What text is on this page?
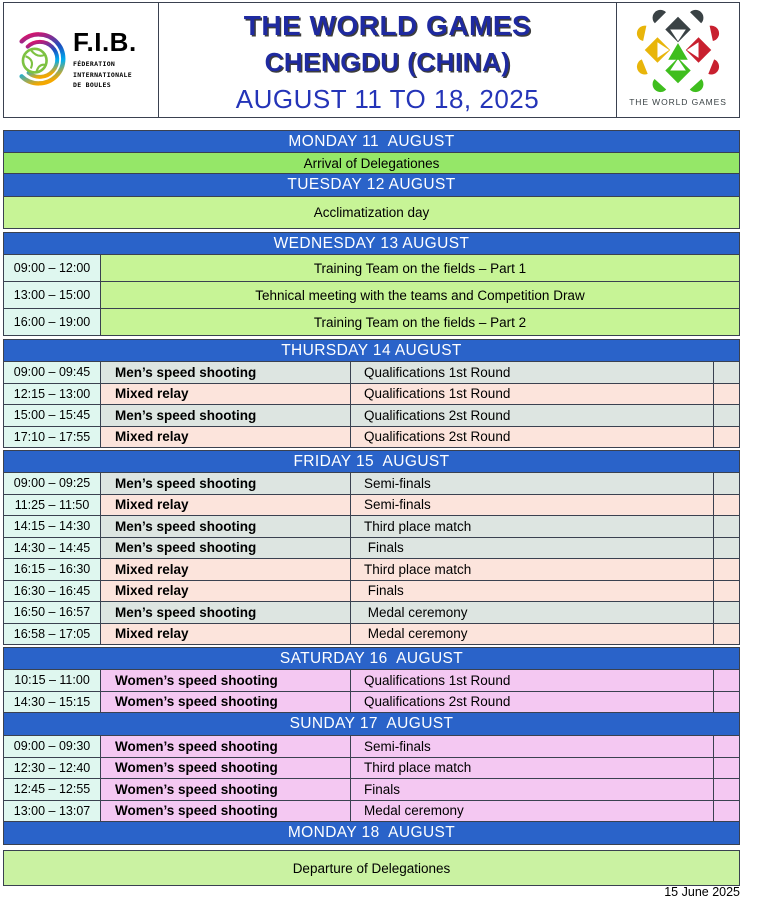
F.I.B.
FÉDERATION
INTERNATIONALE
DE BOULES
THE WORLD GAMES
CHENGDU (CHINA)
AUGUST 11 TO 18, 2025	THE WORLD GAMES
MONDAY 11  AUGUST
Arrival of Delegationes
TUESDAY 12 AUGUST
Acclimatization day
WEDNESDAY 13 AUGUST
09:00 – 12:00	Training Team on the fields – Part 1
13:00 – 15:00	Tehnical meeting with the teams and Competition Draw
16:00 – 19:00	Training Team on the fields – Part 2
THURSDAY 14 AUGUST
09:00 – 09:45	Men’s speed shooting	Qualifications 1st Round
12:15 – 13:00	Mixed relay	Qualifications 1st Round
15:00 – 15:45	Men’s speed shooting	Qualifications 2st Round
17:10 – 17:55	Mixed relay	Qualifications 2st Round
FRIDAY 15  AUGUST
09:00 – 09:25	Men’s speed shooting	Semi-finals
11:25 – 11:50	Mixed relay	Semi-finals
14:15 – 14:30	Men’s speed shooting	Third place match
14:30 – 14:45	Men’s speed shooting	Finals
16:15 – 16:30	Mixed relay	Third place match
16:30 – 16:45	Mixed relay	Finals
16:50 – 16:57	Men’s speed shooting	Medal ceremony
16:58 – 17:05	Mixed relay	Medal ceremony
SATURDAY 16  AUGUST
10:15 – 11:00	Women’s speed shooting	Qualifications 1st Round
14:30 – 15:15	Women’s speed shooting	Qualifications 2st Round
SUNDAY 17  AUGUST
09:00 – 09:30	Women’s speed shooting	Semi-finals
12:30 – 12:40	Women’s speed shooting	Third place match
12:45 – 12:55	Women’s speed shooting	Finals
13:00 – 13:07	Women’s speed shooting	Medal ceremony
MONDAY 18  AUGUST
Departure of Delegationes
15 June 2025
